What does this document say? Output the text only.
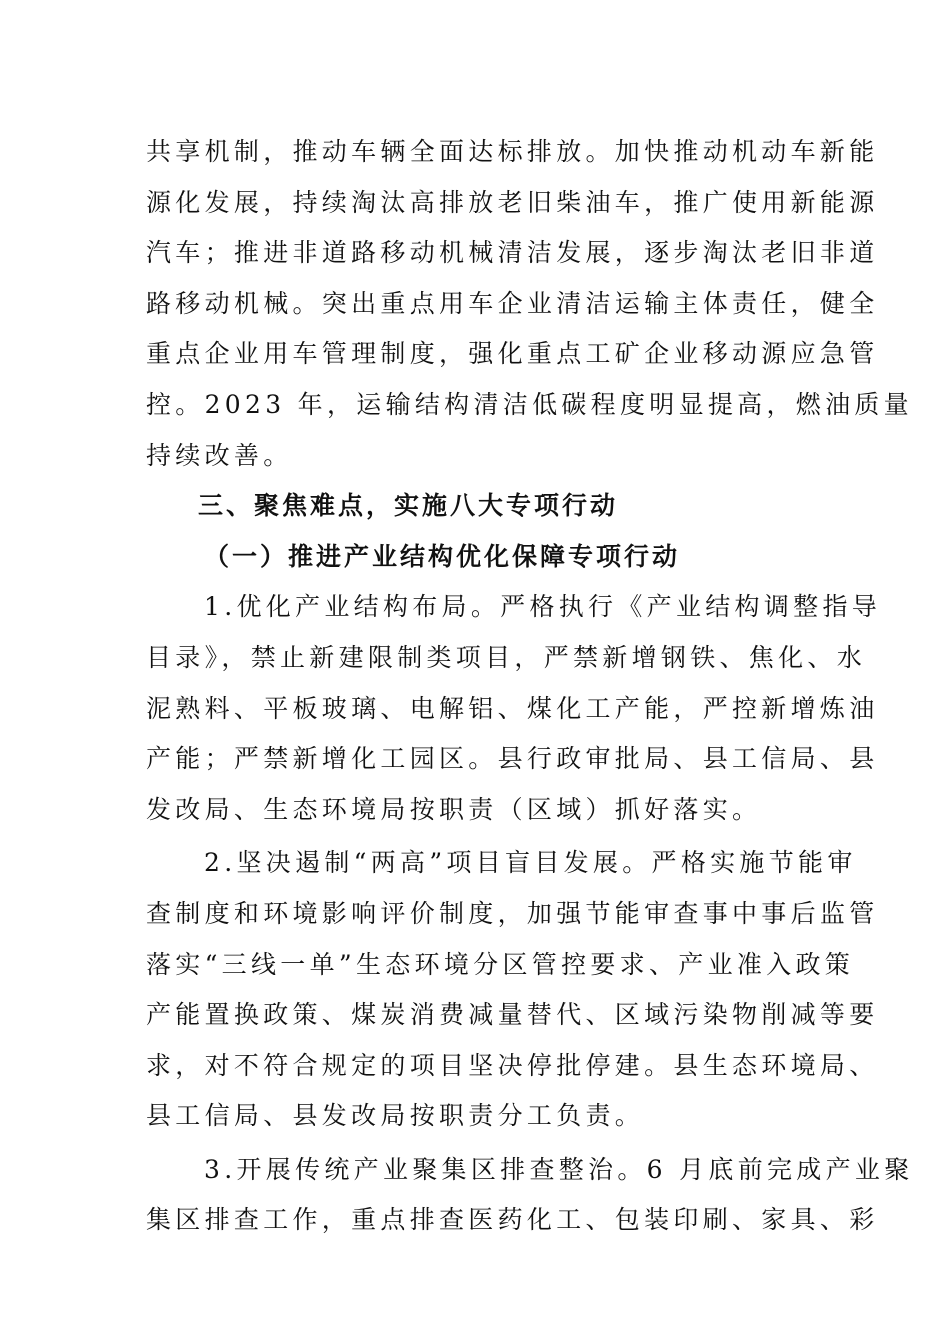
共享机制，推动车辆全面达标排放。加快推动机动车新能
源化发展，持续淘汰高排放老旧柴油车，推广使用新能源
汽车；推进非道路移动机械清洁发展，逐步淘汰老旧非道
路移动机械。突出重点用车企业清洁运输主体责任，健全
重点企业用车管理制度，强化重点工矿企业移动源应急管
控。2023 年，运输结构清洁低碳程度明显提高，燃油质量
持续改善。
三、聚焦难点，实施八大专项行动
（一）推进产业结构优化保障专项行动
1.优化产业结构布局。严格执行《产业结构调整指导
目录》，禁止新建限制类项目，严禁新增钢铁、焦化、水
泥熟料、平板玻璃、电解铝、煤化工产能，严控新增炼油
产能；严禁新增化工园区。县行政审批局、县工信局、县
发改局、生态环境局按职责（区域）抓好落实。
2.坚决遏制“两高”项目盲目发展。严格实施节能审
查制度和环境影响评价制度，加强节能审查事中事后监管
落实“三线一单”生态环境分区管控要求、产业准入政策
产能置换政策、煤炭消费减量替代、区域污染物削减等要
求，对不符合规定的项目坚决停批停建。县生态环境局、
县工信局、县发改局按职责分工负责。
3.开展传统产业聚集区排查整治。6 月底前完成产业聚
集区排查工作，重点排查医药化工、包装印刷、家具、彩
